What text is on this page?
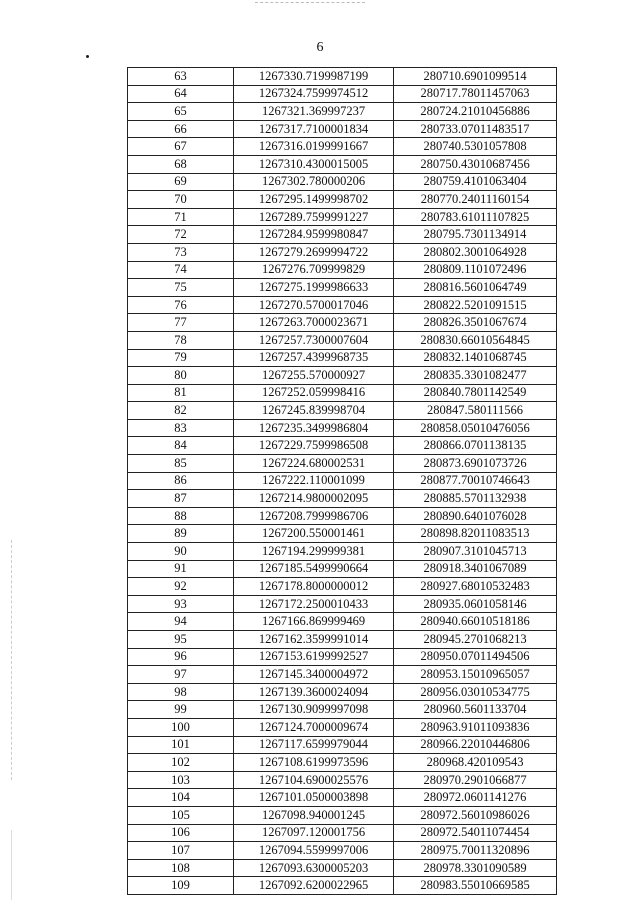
6
63	1267330.7199987199	280710.6901099514
64	1267324.7599974512	280717.78011457063
65	1267321.369997237	280724.21010456886
66	1267317.7100001834	280733.07011483517
67	1267316.0199991667	280740.5301057808
68	1267310.4300015005	280750.43010687456
69	1267302.780000206	280759.4101063404
70	1267295.1499998702	280770.24011160154
71	1267289.7599991227	280783.61011107825
72	1267284.9599980847	280795.7301134914
73	1267279.2699994722	280802.3001064928
74	1267276.709999829	280809.1101072496
75	1267275.1999986633	280816.5601064749
76	1267270.5700017046	280822.5201091515
77	1267263.7000023671	280826.3501067674
78	1267257.7300007604	280830.66010564845
79	1267257.4399968735	280832.1401068745
80	1267255.570000927	280835.3301082477
81	1267252.059998416	280840.7801142549
82	1267245.839998704	280847.580111566
83	1267235.3499986804	280858.05010476056
84	1267229.7599986508	280866.0701138135
85	1267224.680002531	280873.6901073726
86	1267222.110001099	280877.70010746643
87	1267214.9800002095	280885.5701132938
88	1267208.7999986706	280890.6401076028
89	1267200.550001461	280898.82011083513
90	1267194.299999381	280907.3101045713
91	1267185.5499990664	280918.3401067089
92	1267178.8000000012	280927.68010532483
93	1267172.2500010433	280935.0601058146
94	1267166.869999469	280940.66010518186
95	1267162.3599991014	280945.2701068213
96	1267153.6199992527	280950.07011494506
97	1267145.3400004972	280953.15010965057
98	1267139.3600024094	280956.03010534775
99	1267130.9099997098	280960.5601133704
100	1267124.7000009674	280963.91011093836
101	1267117.6599979044	280966.22010446806
102	1267108.6199973596	280968.420109543
103	1267104.6900025576	280970.2901066877
104	1267101.0500003898	280972.0601141276
105	1267098.940001245	280972.56010986026
106	1267097.120001756	280972.54011074454
107	1267094.5599997006	280975.70011320896
108	1267093.6300005203	280978.3301090589
109	1267092.6200022965	280983.55010669585
